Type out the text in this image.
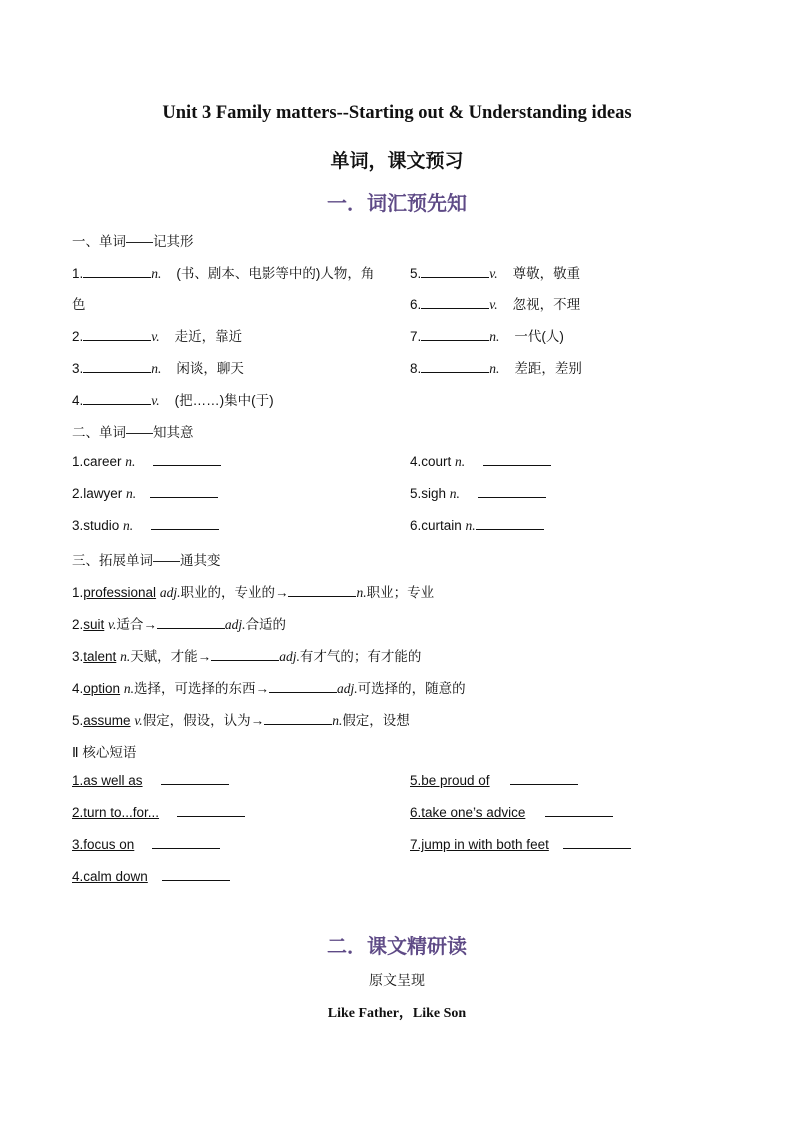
Unit 3 Family matters--Starting out & Understanding ideas
单词，课文预习
一．词汇预先知
一、单词——记其形
1.	n. (书、剧本、电影等中的)人物，角
色
2.	v. 走近，靠近
3.	n. 闲谈，聊天
4.	v. (把……)集中(于)
5.	v. 尊敬，敬重
6.	v. 忽视，不理
7.	n. 一代(人)
8.	n. 差距，差别
二、单词——知其意
1.career n.
2.lawyer n.
3.studio n.
4.court n.
5.sigh n.
6.curtain n.
三、拓展单词——通其变
1.professional adj.职业的，专业的→	n.职业；专业
2.suit v.适合→	adj.合适的
3.talent n.天赋，才能→	adj.有才气的；有才能的
4.option n.选择，可选择的东西→	adj.可选择的，随意的
5.assume v.假定，假设，认为→	n.假定，设想
Ⅱ 核心短语
1.as well as
2.turn to...for...
3.focus on
4.calm down
5.be proud of
6.take one’s advice
7.jump in with both feet
二．课文精研读
原文呈现
Like Father，Like Son
